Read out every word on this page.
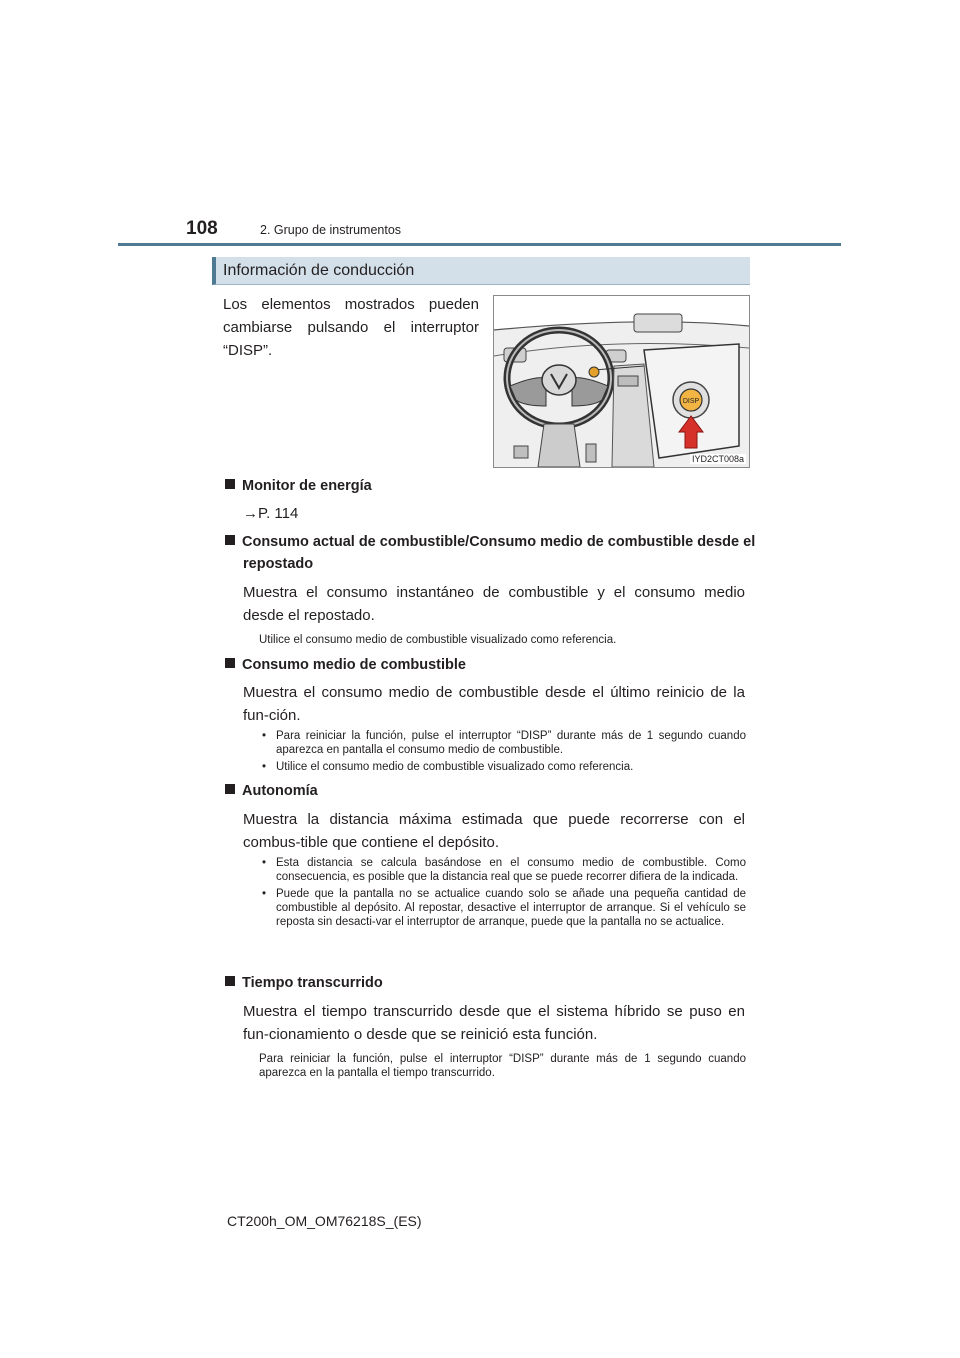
108	2. Grupo de instrumentos
Información de conducción
Los elementos mostrados pueden cambiarse pulsando el interruptor “DISP”.
DISP
IYD2CT008a
Monitor de energía
→P. 114
Consumo actual de combustible/Consumo medio de combustible desde el
repostado
Muestra el consumo instantáneo de combustible y el consumo medio desde el repostado.
Utilice el consumo medio de combustible visualizado como referencia.
Consumo medio de combustible
Muestra el consumo medio de combustible desde el último reinicio de la fun-ción.
• Para reiniciar la función, pulse el interruptor “DISP” durante más de 1 segundo cuando aparezca en pantalla el consumo medio de combustible.
• Utilice el consumo medio de combustible visualizado como referencia.
Autonomía
Muestra la distancia máxima estimada que puede recorrerse con el combus-tible que contiene el depósito.
• Esta distancia se calcula basándose en el consumo medio de combustible. Como consecuencia, es posible que la distancia real que se puede recorrer difiera de la indicada.
• Puede que la pantalla no se actualice cuando solo se añade una pequeña cantidad de combustible al depósito. Al repostar, desactive el interruptor de arranque. Si el vehículo se reposta sin desacti-var el interruptor de arranque, puede que la pantalla no se actualice.
Tiempo transcurrido
Muestra el tiempo transcurrido desde que el sistema híbrido se puso en fun-cionamiento o desde que se reinició esta función.
Para reiniciar la función, pulse el interruptor “DISP” durante más de 1 segundo cuando aparezca en la pantalla el tiempo transcurrido.
CT200h_OM_OM76218S_(ES)
